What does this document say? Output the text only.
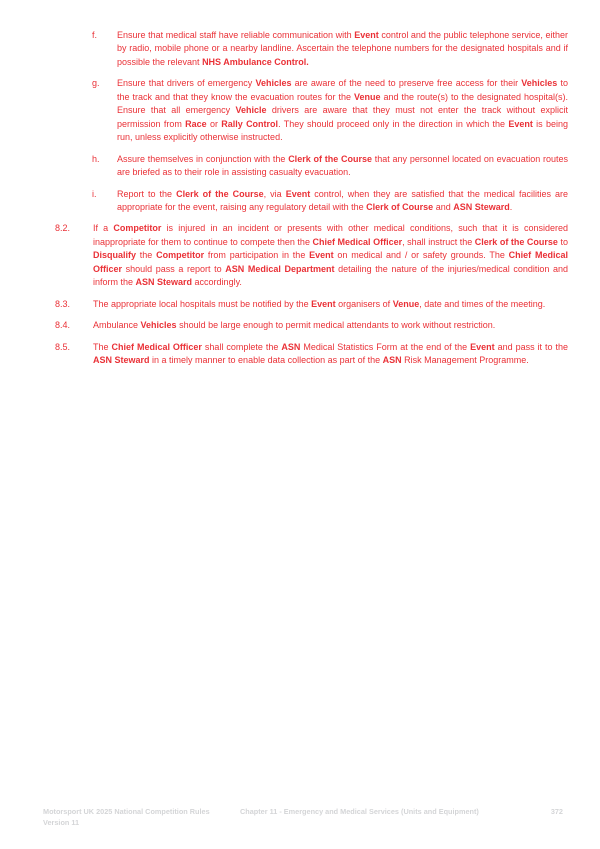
f. Ensure that medical staff have reliable communication with Event control and the public telephone service, either by radio, mobile phone or a nearby landline. Ascertain the telephone numbers for the designated hospitals and if possible the relevant NHS Ambulance Control.
g. Ensure that drivers of emergency Vehicles are aware of the need to preserve free access for their Vehicles to the track and that they know the evacuation routes for the Venue and the route(s) to the designated hospital(s). Ensure that all emergency Vehicle drivers are aware that they must not enter the track without explicit permission from Race or Rally Control. They should proceed only in the direction in which the Event is being run, unless explicitly otherwise instructed.
h. Assure themselves in conjunction with the Clerk of the Course that any personnel located on evacuation routes are briefed as to their role in assisting casualty evacuation.
i. Report to the Clerk of the Course, via Event control, when they are satisfied that the medical facilities are appropriate for the event, raising any regulatory detail with the Clerk of Course and ASN Steward.
8.2.	If a Competitor is injured in an incident or presents with other medical conditions, such that it is considered inappropriate for them to continue to compete then the Chief Medical Officer, shall instruct the Clerk of the Course to Disqualify the Competitor from participation in the Event on medical and / or safety grounds. The Chief Medical Officer should pass a report to ASN Medical Department detailing the nature of the injuries/medical condition and inform the ASN Steward accordingly.
8.3.	The appropriate local hospitals must be notified by the Event organisers of Venue, date and times of the meeting.
8.4.	Ambulance Vehicles should be large enough to permit medical attendants to work without restriction.
8.5.	The Chief Medical Officer shall complete the ASN Medical Statistics Form at the end of the Event and pass it to the ASN Steward in a timely manner to enable data collection as part of the ASN Risk Management Programme.
Motorsport UK 2025 National Competition Rules
Version 11
Chapter 11 - Emergency and Medical Services (Units and Equipment)	372
